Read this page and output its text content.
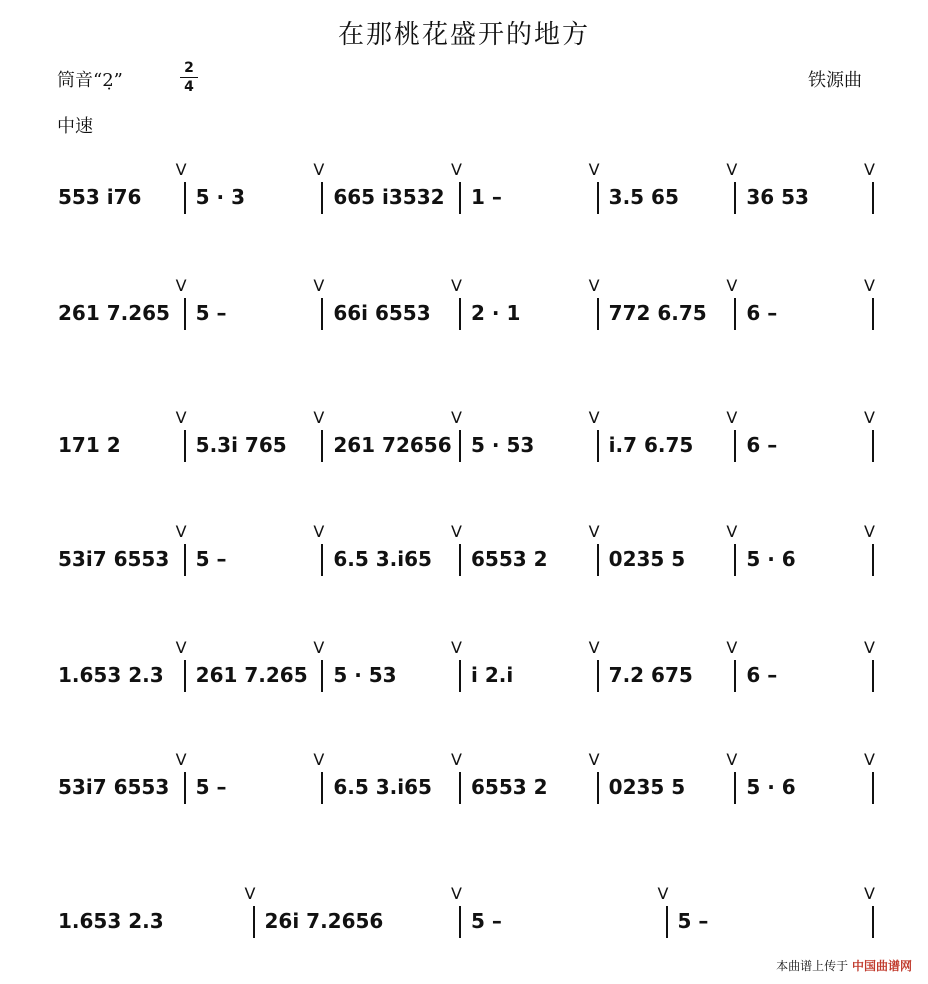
在那桃花盛开的地方
筒音“2̣”
2
4	铁源曲
中速
553 i76
V
5 · 3
V
665 i3532
V
1 –
V
3.5 65
V
36 53
V
261 7.265
V
5 –
V
66i 6553
V
2 · 1
V
772 6.75
V
6 –
V
171 2
V
5.3i 765
V
261 72656
V
5 · 53
V
i.7 6.75
V
6 –
V
53i7 6553
V
5 –
V
6.5 3.i65
V
6553 2
V
0235 5
V
5 · 6
V
1.653 2.3
V
261 7.265
V
5 · 53
V
i 2.i
V
7.2 675
V
6 –
V
53i7 6553
V
5 –
V
6.5 3.i65
V
6553 2
V
0235 5
V
5 · 6
V
1.653 2.3
V
26i 7.2656
V
5 –
V
5 –
V
本曲谱上传于 中国曲谱网
